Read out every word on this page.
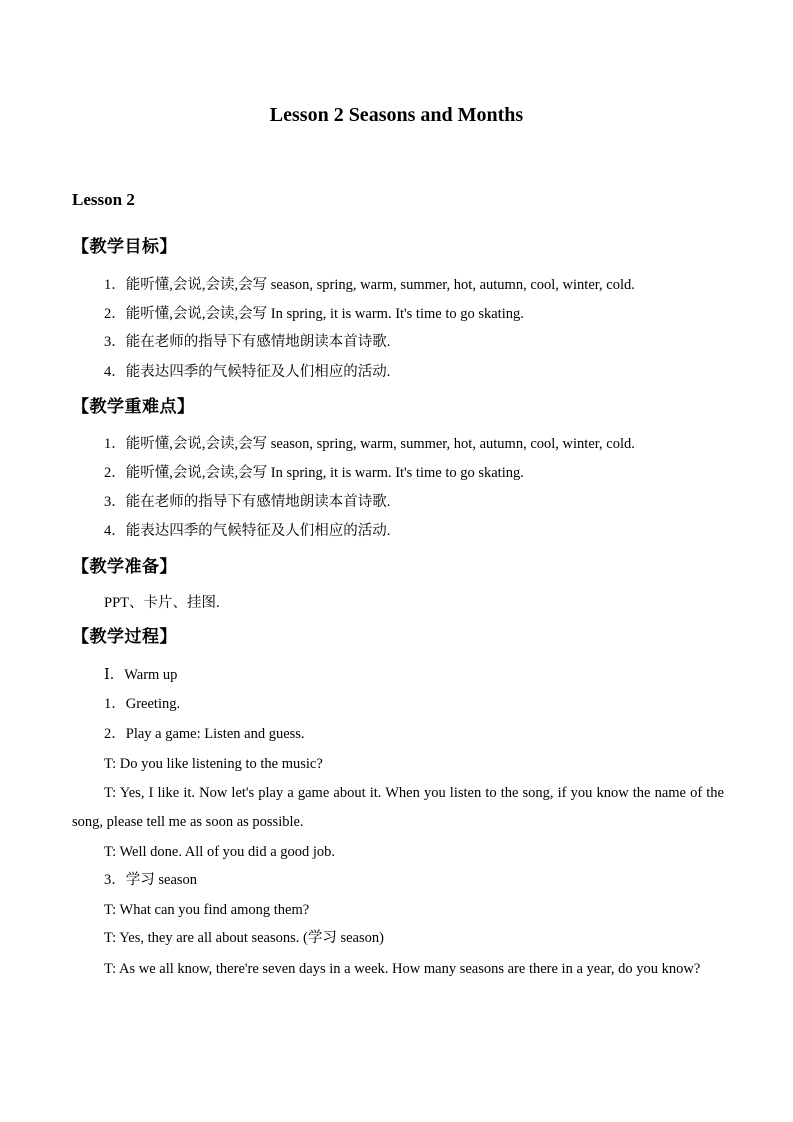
Lesson 2 Seasons and Months
Lesson 2
【教学目标】
1．能听懂,会说,会读,会写 season, spring, warm, summer, hot, autumn, cool, winter, cold.
2．能听懂,会说,会读,会写 In spring, it is warm. It's time to go skating.
3．能在老师的指导下有感情地朗读本首诗歌.
4．能表达四季的气候特征及人们相应的活动.
【教学重难点】
1．能听懂,会说,会读,会写 season, spring, warm, summer, hot, autumn, cool, winter, cold.
2．能听懂,会说,会读,会写 In spring, it is warm. It's time to go skating.
3．能在老师的指导下有感情地朗读本首诗歌.
4．能表达四季的气候特征及人们相应的活动.
【教学准备】
PPT、卡片、挂图.
【教学过程】
Ⅰ．Warm up
1．Greeting.
2．Play a game: Listen and guess.
T: Do you like listening to the music?
T: Yes, I like it. Now let's play a game about it. When you listen to the song, if you know the name of the song, please tell me as soon as possible.
T: Well done. All of you did a good job.
3．学习 season
T: What can you find among them?
T: Yes, they are all about seasons. (学习 season)
T: As we all know, there're seven days in a week. How many seasons are there in a year, do you know?
